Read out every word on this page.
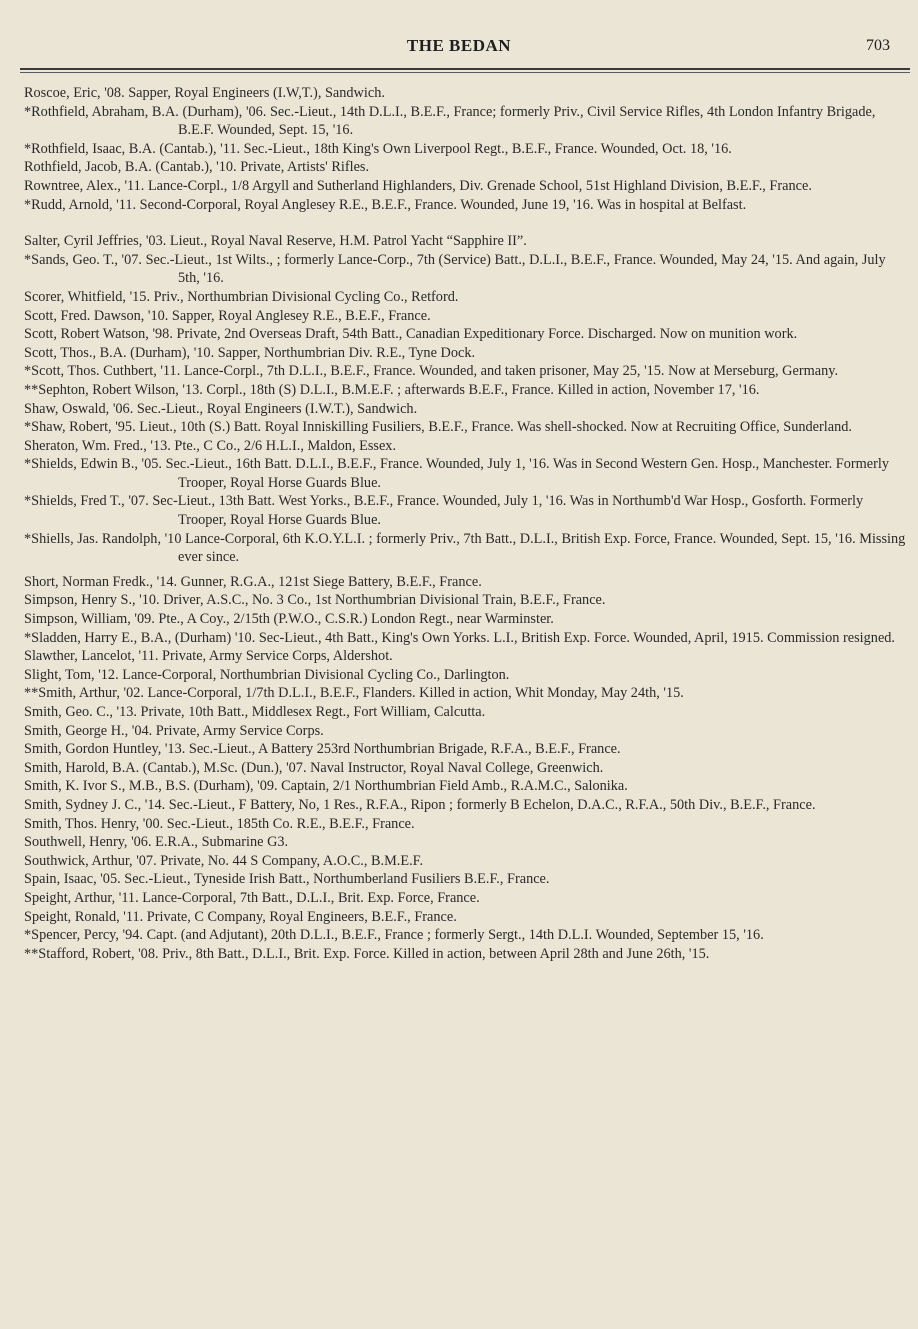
THE BEDAN	703

Roscoe, Eric, '08. Sapper, Royal Engineers (I.W,T.), Sandwich.

*Rothfield, Abraham, B.A. (Durham), '06. Sec.-Lieut., 14th D.L.I., B.E.F., France; formerly Priv., Civil Service Rifles, 4th London Infantry Brigade, B.E.F. Wounded, Sept. 15, '16.

*Rothfield, Isaac, B.A. (Cantab.), '11. Sec.-Lieut., 18th King's Own Liverpool Regt., B.E.F., France. Wounded, Oct. 18, '16.

Rothfield, Jacob, B.A. (Cantab.), '10. Private, Artists' Rifles.

Rowntree, Alex., '11. Lance-Corpl., 1/8 Argyll and Sutherland Highlanders, Div. Grenade School, 51st Highland Division, B.E.F., France.

*Rudd, Arnold, '11. Second-Corporal, Royal Anglesey R.E., B.E.F., France. Wounded, June 19, '16. Was in hospital at Belfast.

Salter, Cyril Jeffries, '03. Lieut., Royal Naval Reserve, H.M. Patrol Yacht “Sapphire II”.

*Sands, Geo. T., '07. Sec.-Lieut., 1st Wilts., ; formerly Lance-Corp., 7th (Service) Batt., D.L.I., B.E.F., France. Wounded, May 24, '15. And again, July 5th, '16.

Scorer, Whitfield, '15. Priv., Northumbrian Divisional Cycling Co., Retford.

Scott, Fred. Dawson, '10. Sapper, Royal Anglesey R.E., B.E.F., France.

Scott, Robert Watson, '98. Private, 2nd Overseas Draft, 54th Batt., Canadian Expeditionary Force. Discharged. Now on munition work.

Scott, Thos., B.A. (Durham), '10. Sapper, Northumbrian Div. R.E., Tyne Dock.

*Scott, Thos. Cuthbert, '11. Lance-Corpl., 7th D.L.I., B.E.F., France. Wounded, and taken prisoner, May 25, '15. Now at Merseburg, Germany.

**Sephton, Robert Wilson, '13. Corpl., 18th (S) D.L.I., B.M.E.F. ; afterwards B.E.F., France. Killed in action, November 17, '16.

Shaw, Oswald, '06. Sec.-Lieut., Royal Engineers (I.W.T.), Sandwich.

*Shaw, Robert, '95. Lieut., 10th (S.) Batt. Royal Inniskilling Fusiliers, B.E.F., France. Was shell-shocked. Now at Recruiting Office, Sunderland.

Sheraton, Wm. Fred., '13. Pte., C Co., 2/6 H.L.I., Maldon, Essex.

*Shields, Edwin B., '05. Sec.-Lieut., 16th Batt. D.L.I., B.E.F., France. Wounded, July 1, '16. Was in Second Western Gen. Hosp., Manchester. Formerly Trooper, Royal Horse Guards Blue.

*Shields, Fred T., '07. Sec-Lieut., 13th Batt. West Yorks., B.E.F., France. Wounded, July 1, '16. Was in Northumb'd War Hosp., Gosforth. Formerly Trooper, Royal Horse Guards Blue.

*Shiells, Jas. Randolph, '10 Lance-Corporal, 6th K.O.Y.L.I. ; formerly Priv., 7th Batt., D.L.I., British Exp. Force, France. Wounded, Sept. 15, '16. Missing ever since.

Short, Norman Fredk., '14. Gunner, R.G.A., 121st Siege Battery, B.E.F., France.

Simpson, Henry S., '10. Driver, A.S.C., No. 3 Co., 1st Northumbrian Divisional Train, B.E.F., France.

Simpson, William, '09. Pte., A Coy., 2/15th (P.W.O., C.S.R.) London Regt., near Warminster.

*Sladden, Harry E., B.A., (Durham) '10. Sec-Lieut., 4th Batt., King's Own Yorks. L.I., British Exp. Force. Wounded, April, 1915. Commission resigned.

Slawther, Lancelot, '11. Private, Army Service Corps, Aldershot.

Slight, Tom, '12. Lance-Corporal, Northumbrian Divisional Cycling Co., Darlington.

**Smith, Arthur, '02. Lance-Corporal, 1/7th D.L.I., B.E.F., Flanders. Killed in action, Whit Monday, May 24th, '15.

Smith, Geo. C., '13. Private, 10th Batt., Middlesex Regt., Fort William, Calcutta.

Smith, George H., '04. Private, Army Service Corps.

Smith, Gordon Huntley, '13. Sec.-Lieut., A Battery 253rd Northumbrian Brigade, R.F.A., B.E.F., France.

Smith, Harold, B.A. (Cantab.), M.Sc. (Dun.), '07. Naval Instructor, Royal Naval College, Greenwich.

Smith, K. Ivor S., M.B., B.S. (Durham), '09. Captain, 2/1 Northumbrian Field Amb., R.A.M.C., Salonika.

Smith, Sydney J. C., '14. Sec.-Lieut., F Battery, No, 1 Res., R.F.A., Ripon ; formerly B Echelon, D.A.C., R.F.A., 50th Div., B.E.F., France.

Smith, Thos. Henry, '00. Sec.-Lieut., 185th Co. R.E., B.E.F., France.

Southwell, Henry, '06. E.R.A., Submarine G3.

Southwick, Arthur, '07. Private, No. 44 S Company, A.O.C., B.M.E.F.

Spain, Isaac, '05. Sec.-Lieut., Tyneside Irish Batt., Northumberland Fusiliers B.E.F., France.

Speight, Arthur, '11. Lance-Corporal, 7th Batt., D.L.I., Brit. Exp. Force, France.

Speight, Ronald, '11. Private, C Company, Royal Engineers, B.E.F., France.

*Spencer, Percy, '94. Capt. (and Adjutant), 20th D.L.I., B.E.F., France ; formerly Sergt., 14th D.L.I. Wounded, September 15, '16.

**Stafford, Robert, '08. Priv., 8th Batt., D.L.I., Brit. Exp. Force. Killed in action, between April 28th and June 26th, '15.
